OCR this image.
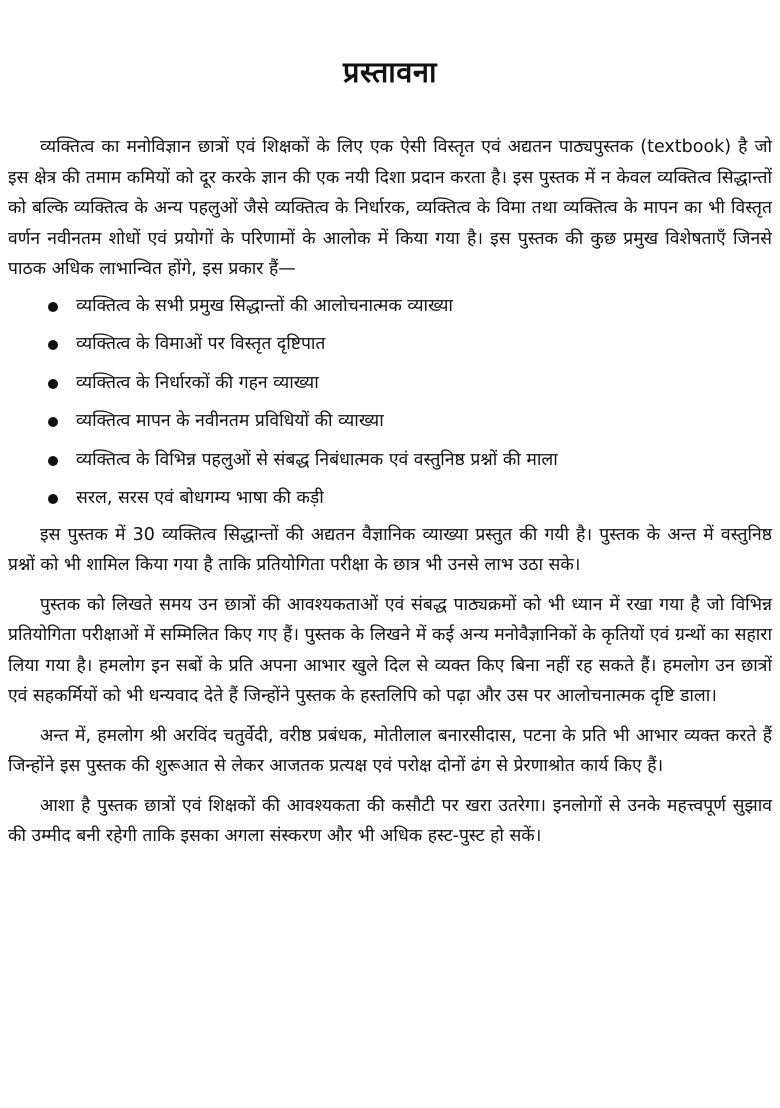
प्रस्तावना

व्यक्तित्व का मनोविज्ञान छात्रों एवं शिक्षकों के लिए एक ऐसी विस्तृत एवं अद्यतन पाठ्यपुस्तक (textbook) है जो इस क्षेत्र की तमाम कमियों को दूर करके ज्ञान की एक नयी दिशा प्रदान करता है। इस पुस्तक में न केवल व्यक्तित्व सिद्धान्तों को बल्कि व्यक्तित्व के अन्य पहलुओं जैसे व्यक्तित्व के निर्धारक, व्यक्तित्व के विमा तथा व्यक्तित्व के मापन का भी विस्तृत वर्णन नवीनतम शोधों एवं प्रयोगों के परिणामों के आलोक में किया गया है। इस पुस्तक की कुछ प्रमुख विशेषताएँ जिनसे पाठक अधिक लाभान्वित होंगे, इस प्रकार हैं—

व्यक्तित्व के सभी प्रमुख सिद्धान्तों की आलोचनात्मक व्याख्या
व्यक्तित्व के विमाओं पर विस्तृत दृष्टिपात
व्यक्तित्व के निर्धारकों की गहन व्याख्या
व्यक्तित्व मापन के नवीनतम प्रविधियों की व्याख्या
व्यक्तित्व के विभिन्न पहलुओं से संबद्ध निबंधात्मक एवं वस्तुनिष्ठ प्रश्नों की माला
सरल, सरस एवं बोधगम्य भाषा की कड़ी

इस पुस्तक में 30 व्यक्तित्व सिद्धान्तों की अद्यतन वैज्ञानिक व्याख्या प्रस्तुत की गयी है। पुस्तक के अन्त में वस्तुनिष्ठ प्रश्नों को भी शामिल किया गया है ताकि प्रतियोगिता परीक्षा के छात्र भी उनसे लाभ उठा सके।

पुस्तक को लिखते समय उन छात्रों की आवश्यकताओं एवं संबद्ध पाठ्यक्रमों को भी ध्यान में रखा गया है जो विभिन्न प्रतियोगिता परीक्षाओं में सम्मिलित किए गए हैं। पुस्तक के लिखने में कई अन्य मनोवैज्ञानिकों के कृतियों एवं ग्रन्थों का सहारा लिया गया है। हमलोग इन सबों के प्रति अपना आभार खुले दिल से व्यक्त किए बिना नहीं रह सकते हैं। हमलोग उन छात्रों एवं सहकर्मियों को भी धन्यवाद देते हैं जिन्होंने पुस्तक के हस्तलिपि को पढ़ा और उस पर आलोचनात्मक दृष्टि डाला।

अन्त में, हमलोग श्री अरविंद चतुर्वेदी, वरीष्ठ प्रबंधक, मोतीलाल बनारसीदास, पटना के प्रति भी आभार व्यक्त करते हैं जिन्होंने इस पुस्तक की शुरूआत से लेकर आजतक प्रत्यक्ष एवं परोक्ष दोनों ढंग से प्रेरणाश्रोत कार्य किए हैं।

आशा है पुस्तक छात्रों एवं शिक्षकों की आवश्यकता की कसौटी पर खरा उतरेगा। इनलोगों से उनके महत्त्वपूर्ण सुझाव की उम्मीद बनी रहेगी ताकि इसका अगला संस्करण और भी अधिक हस्ट-पुस्ट हो सकें।
